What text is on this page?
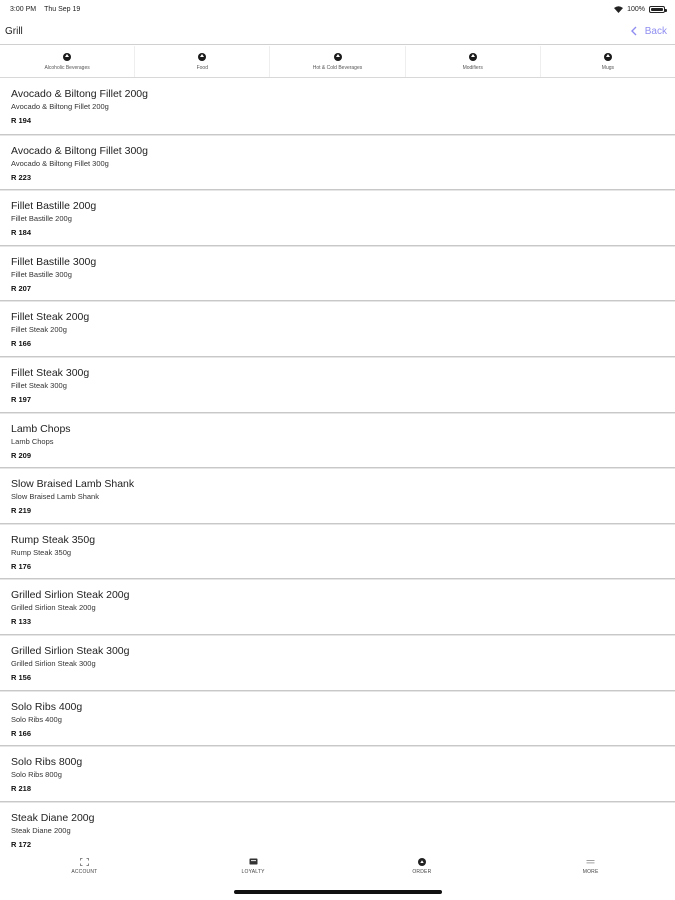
3:00 PM Thu Sep 19	100%
Grill	Back
Alcoholic Beverages	Food	Hot & Cold Beverages	Modifiers	Mugs
Avocado & Biltong Fillet 200g
Avocado & Biltong Fillet 200g
R 194
Avocado & Biltong Fillet 300g
Avocado & Biltong Fillet 300g
R 223
Fillet Bastille 200g
Fillet Bastille 200g
R 184
Fillet Bastille 300g
Fillet Bastille 300g
R 207
Fillet Steak 200g
Fillet Steak 200g
R 166
Fillet Steak 300g
Fillet Steak 300g
R 197
Lamb Chops
Lamb Chops
R 209
Slow Braised Lamb Shank
Slow Braised Lamb Shank
R 219
Rump Steak 350g
Rump Steak 350g
R 176
Grilled Sirlion Steak 200g
Grilled Sirlion Steak 200g
R 133
Grilled Sirlion Steak 300g
Grilled Sirlion Steak 300g
R 156
Solo Ribs 400g
Solo Ribs 400g
R 166
Solo Ribs 800g
Solo Ribs 800g
R 218
Steak Diane 200g
Steak Diane 200g
R 172
ACCOUNT	LOYALTY	ORDER	MORE
